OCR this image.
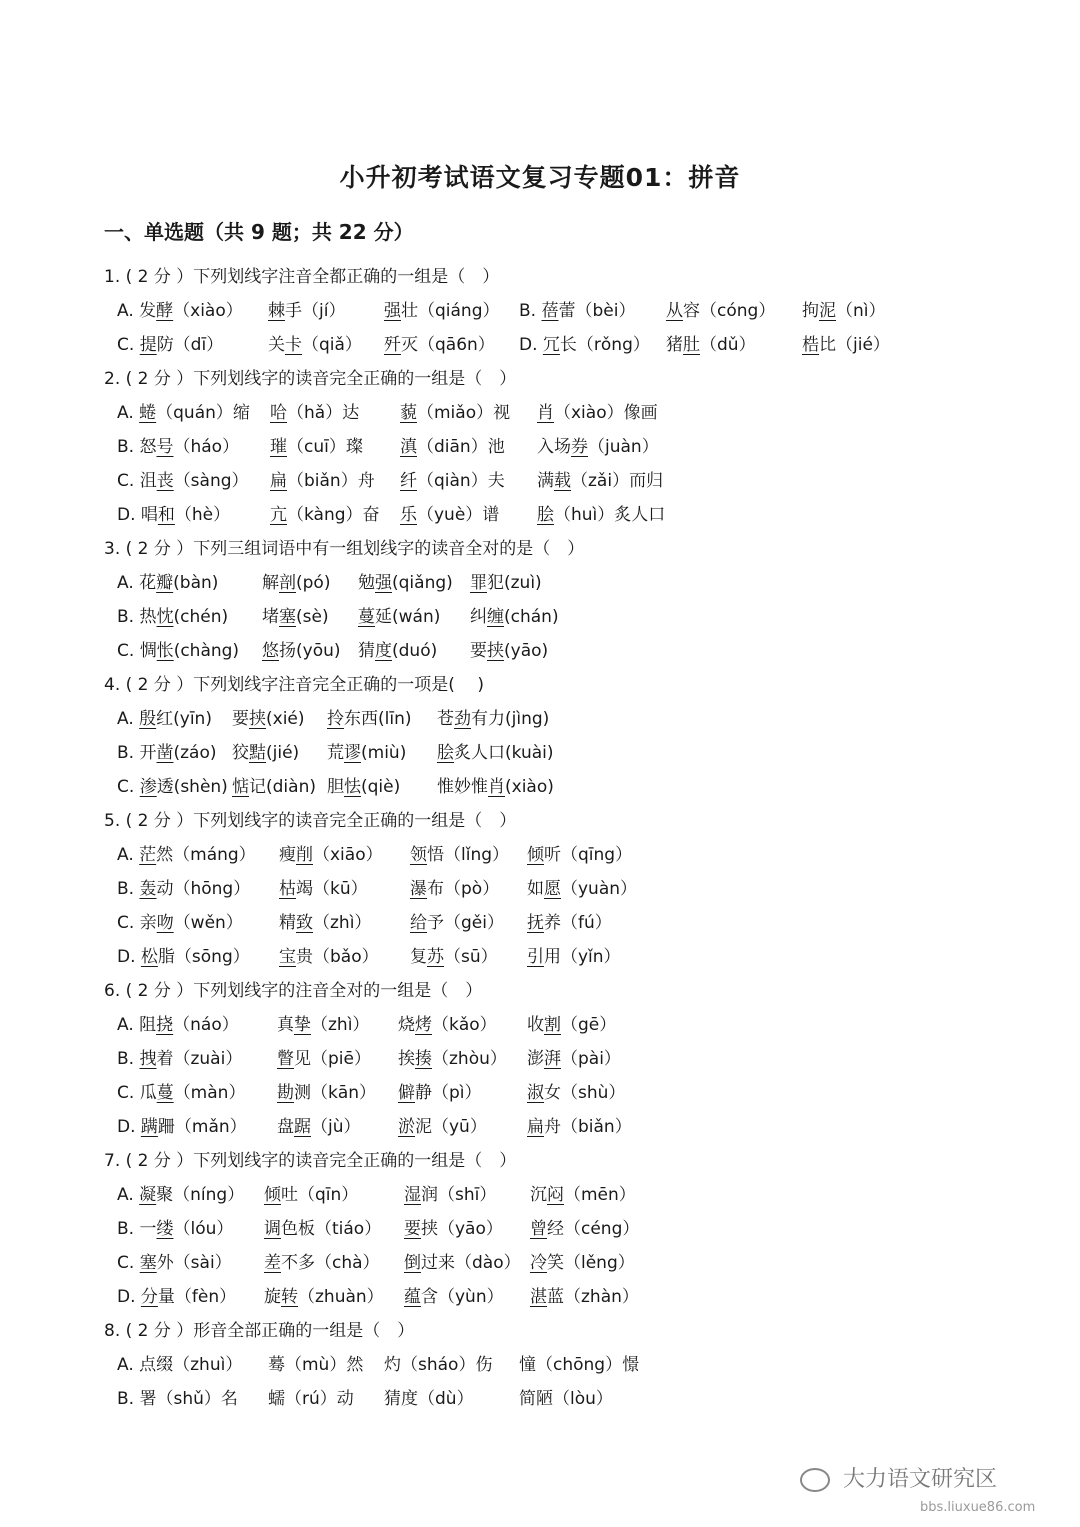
小升初考试语文复习专题01：拼音
一、单选题（共 9 题；共 22 分）
1. ( 2 分 ）下列划线字注音全都正确的一组是（　）
A. 发酵（xiào） 棘手（jí） 强壮（qiáng） B. 蓓蕾（bèi） 从容（cóng） 拘泥（nì）
C. 提防（dī）	关卡（qiǎ） 歼灭（qā6n） D. 冗长（rǒng） 猪肚（dǔ）	梏比（jié）
2. ( 2 分 ）下列划线字的读音完全正确的一组是（　）
A. 蜷（quán）缩 哈（hǎ）达 藐（miǎo）视 肖（xiào）像画
B. 怒号（háo） 璀（cuī）璨 滇（diān）池 入场券（juàn）
C. 沮丧（sàng） 扁（biǎn）舟 纤（qiàn）夫 满载（zǎi）而归
D. 唱和（hè） 亢（kàng）奋 乐（yuè）谱 脍（huì）炙人口
3. ( 2 分 ）下列三组词语中有一组划线字的读音全对的是（　）
A. 花瓣(bàn)	解剖(pó) 勉强(qiǎng) 罪犯(zuì)
B. 热忱(chén) 堵塞(sè) 蔓延(wán) 纠缠(chán)
C. 惆怅(chàng) 悠扬(yōu) 猜度(duó) 要挟(yāo)
4. ( 2 分 ）下列划线字注音完全正确的一项是(　 )
A. 殷红(yīn) 要挟(xié) 拎东西(līn) 苍劲有力(jìng)
B. 开凿(záo) 狡黠(jié) 荒谬(miù) 脍炙人口(kuài)
C. 渗透(shèn) 惦记(diàn) 胆怯(qiè) 惟妙惟肖(xiào)
5. ( 2 分 ）下列划线字的读音完全正确的一组是（　）
A. 茫然（máng） 瘦削（xiāo） 领悟（lǐng） 倾听（qīng）
B. 轰动（hōng） 枯竭（kū） 瀑布（pò） 如愿（yuàn）
C. 亲吻（wěn） 精致（zhì） 给予（gěi） 抚养（fú）
D. 松脂（sōng） 宝贵（bǎo） 复苏（sū） 引用（yǐn）
6. ( 2 分 ）下列划线字的注音全对的一组是（　）
A. 阻挠（náo） 真挚（zhì） 烧烤（kǎo） 收割（gē）
B. 拽着（zuài） 瞥见（piē） 挨揍（zhòu） 澎湃（pài）
C. 瓜蔓（màn） 勘测（kān） 僻静（pì）	淑女（shù）
D. 蹒跚（mǎn） 盘踞（jù） 淤泥（yū） 扁舟（biǎn）
7. ( 2 分 ）下列划线字的读音完全正确的一组是（　）
A. 凝聚（níng） 倾吐（qīn）	湿润（shī） 沉闷（mēn）
B. 一缕（lóu） 调色板（tiáo） 要挟（yāo） 曾经（céng）
C. 塞外（sài） 差不多（chà） 倒过来（dào） 冷笑（lěng）
D. 分量（fèn） 旋转（zhuàn） 蕴含（yùn） 湛蓝（zhàn）
8. ( 2 分 ）形音全部正确的一组是（　）
A. 点缀（zhuì） 蓦（mù）然 灼（sháo）伤 憧（chōng）憬
B. 署（shǔ）名 蠕（rú）动 猜度（dù）	简陋（lòu）
大力语文研究区
bbs.liuxue86.com
